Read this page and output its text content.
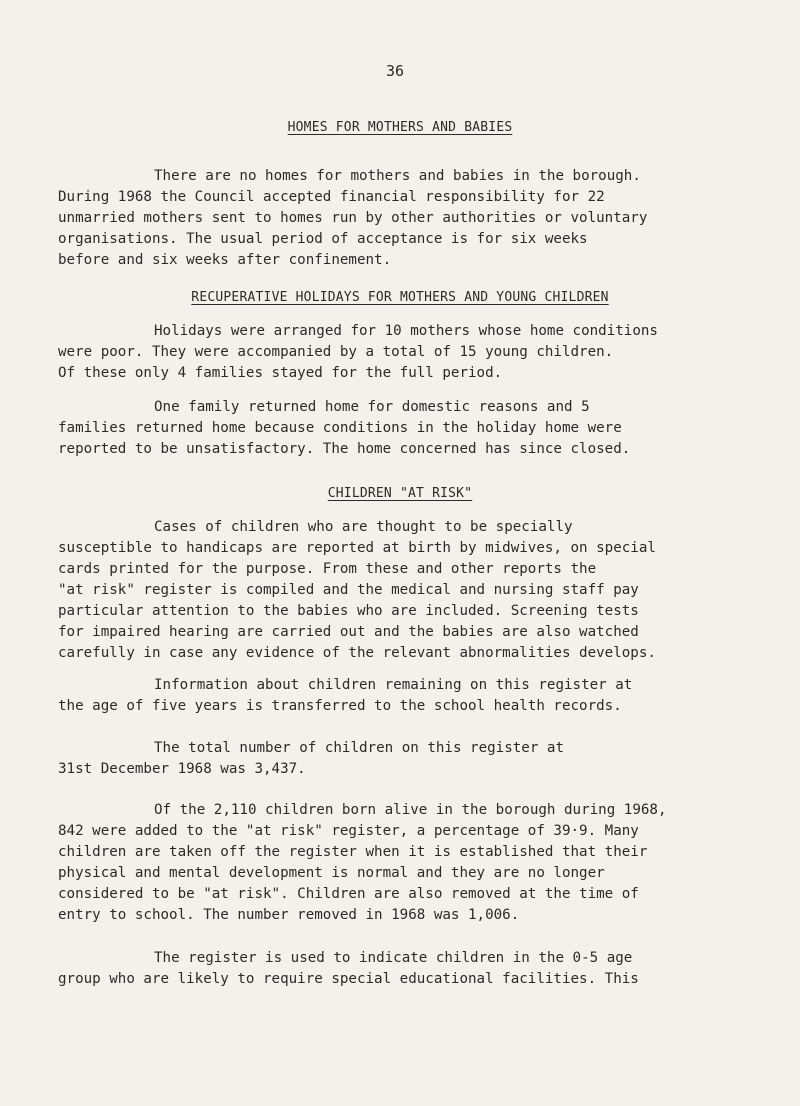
36
HOMES FOR MOTHERS AND BABIES
There are no homes for mothers and babies in the borough.
During 1968 the Council accepted financial responsibility for 22
unmarried mothers sent to homes run by other authorities or voluntary
organisations. The usual period of acceptance is for six weeks
before and six weeks after confinement.
RECUPERATIVE HOLIDAYS FOR MOTHERS AND YOUNG CHILDREN
Holidays were arranged for 10 mothers whose home conditions
were poor. They were accompanied by a total of 15 young children.
Of these only 4 families stayed for the full period.
One family returned home for domestic reasons and 5
families returned home because conditions in the holiday home were
reported to be unsatisfactory. The home concerned has since closed.
CHILDREN "AT RISK"
Cases of children who are thought to be specially
susceptible to handicaps are reported at birth by midwives, on special
cards printed for the purpose. From these and other reports the
"at risk" register is compiled and the medical and nursing staff pay
particular attention to the babies who are included. Screening tests
for impaired hearing are carried out and the babies are also watched
carefully in case any evidence of the relevant abnormalities develops.
Information about children remaining on this register at
the age of five years is transferred to the school health records.
The total number of children on this register at
31st December 1968 was 3,437.
Of the 2,110 children born alive in the borough during 1968,
842 were added to the "at risk" register, a percentage of 39·9. Many
children are taken off the register when it is established that their
physical and mental development is normal and they are no longer
considered to be "at risk". Children are also removed at the time of
entry to school. The number removed in 1968 was 1,006.
The register is used to indicate children in the 0-5 age
group who are likely to require special educational facilities. This
